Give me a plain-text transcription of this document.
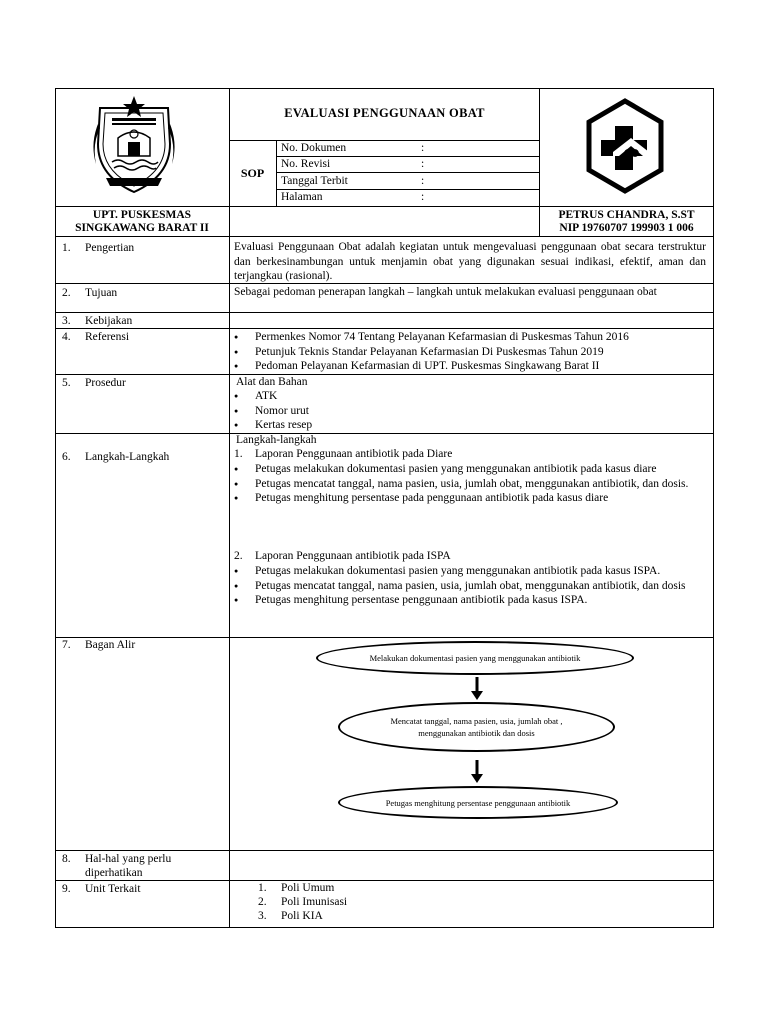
EVALUASI PENGGUNAAN OBAT
SOP
No. Dokumen	:
No. Revisi	:
Tanggal Terbit	:
Halaman	:
UPT. PUSKESMAS
SINGKAWANG BARAT II
PETRUS CHANDRA, S.ST
NIP 19760707 199903 1 006
1. Pengertian	Evaluasi Penggunaan Obat adalah kegiatan untuk mengevaluasi penggunaan obat secara terstruktur dan berkesinambungan untuk menjamin obat yang digunakan sesuai indikasi, efektif, aman dan terjangkau (rasional).
2. Tujuan	Sebagai pedoman penerapan langkah – langkah untuk melakukan evaluasi penggunaan obat
3. Kebijakan
4. Referensi
●	Permenkes Nomor 74 Tentang Pelayanan Kefarmasian di Puskesmas Tahun 2016
● Petunjuk Teknis Standar Pelayanan Kefarmasian Di Puskesmas Tahun 2019
● Pedoman Pelayanan Kefarmasian di UPT. Puskesmas Singkawang Barat II
5. Prosedur	Alat dan Bahan
● ATK
● Nomor urut
● Kertas resep
6. Langkah-Langkah
Langkah-langkah
1. Laporan Penggunaan antibiotik pada Diare
● Petugas melakukan dokumentasi pasien yang menggunakan antibiotik pada kasus diare
● Petugas mencatat tanggal, nama pasien, usia, jumlah obat, menggunakan antibiotik, dan dosis.
● Petugas menghitung persentase pada penggunaan antibiotik pada kasus diare
2. Laporan Penggunaan antibiotik pada ISPA
● Petugas melakukan dokumentasi pasien yang menggunakan antibiotik pada kasus ISPA.
● Petugas mencatat tanggal, nama pasien, usia, jumlah obat, menggunakan antibiotik, dan dosis
● Petugas menghitung persentase penggunaan antibiotik pada kasus ISPA.
7. Bagan Alir
Melakukan dokumentasi pasien yang menggunakan antibiotik
Mencatat tanggal, nama pasien, usia, jumlah obat , menggunakan antibiotik dan dosis
Petugas menghitung persentase penggunaan antibiotik
8. Hal-hal yang perlu
diperhatikan
9. Unit Terkait	1. Poli Umum
2. Poli Imunisasi
3. Poli KIA
